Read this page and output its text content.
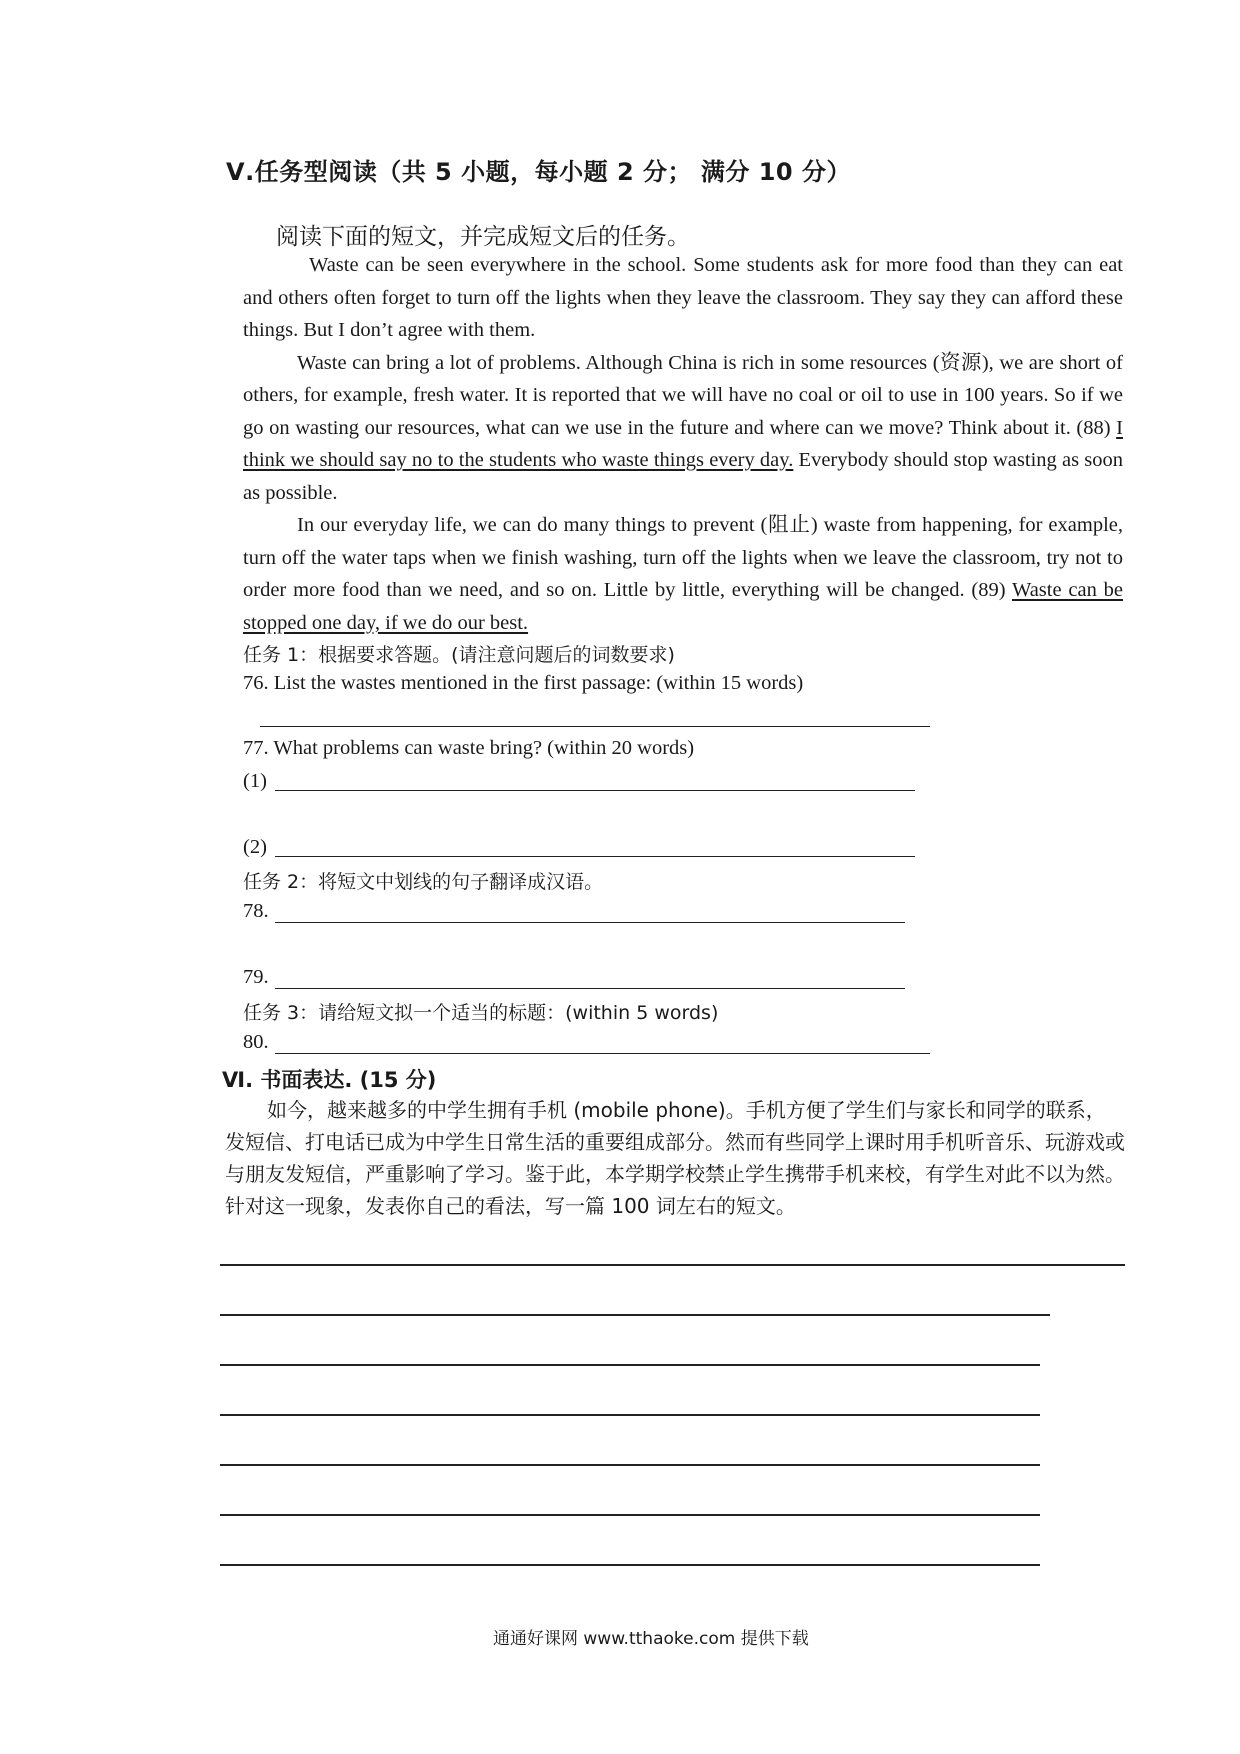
Ⅴ.任务型阅读（共 5 小题，每小题 2 分； 满分 10 分）
阅读下面的短文，并完成短文后的任务。

Waste can be seen everywhere in the school. Some students ask for more food than they can eat and others often forget to turn off the lights when they leave the classroom. They say they can afford these things. But I don’t agree with them.

Waste can bring a lot of problems. Although China is rich in some resources (资源), we are short of others, for example, fresh water. It is reported that we will have no coal or oil to use in 100 years. So if we go on wasting our resources, what can we use in the future and where can we move? Think about it. (88) I think we should say no to the students who waste things every day. Everybody should stop wasting as soon as possible.

In our everyday life, we can do many things to prevent (阻止) waste from happening, for example, turn off the water taps when we finish washing, turn off the lights when we leave the classroom, try not to order more food than we need, and so on. Little by little, everything will be changed. (89) Waste can be stopped one day, if we do our best.

任务 1：根据要求答题。(请注意问题后的词数要求)
76. List the wastes mentioned in the first passage: (within 15 words)
77. What problems can waste bring? (within 20 words)
(1)
(2)
任务 2：将短文中划线的句子翻译成汉语。
78.
79.
任务 3：请给短文拟一个适当的标题：(within 5 words)
80.
Ⅵ. 书面表达. (15 分)
如今，越来越多的中学生拥有手机 (mobile phone)。手机方便了学生们与家长和同学的联系，发短信、打电话已成为中学生日常生活的重要组成部分。然而有些同学上课时用手机听音乐、玩游戏或与朋友发短信，严重影响了学习。鉴于此，本学期学校禁止学生携带手机来校，有学生对此不以为然。针对这一现象，发表你自己的看法，写一篇 100 词左右的短文。
通通好课网 www.tthaoke.com 提供下载
